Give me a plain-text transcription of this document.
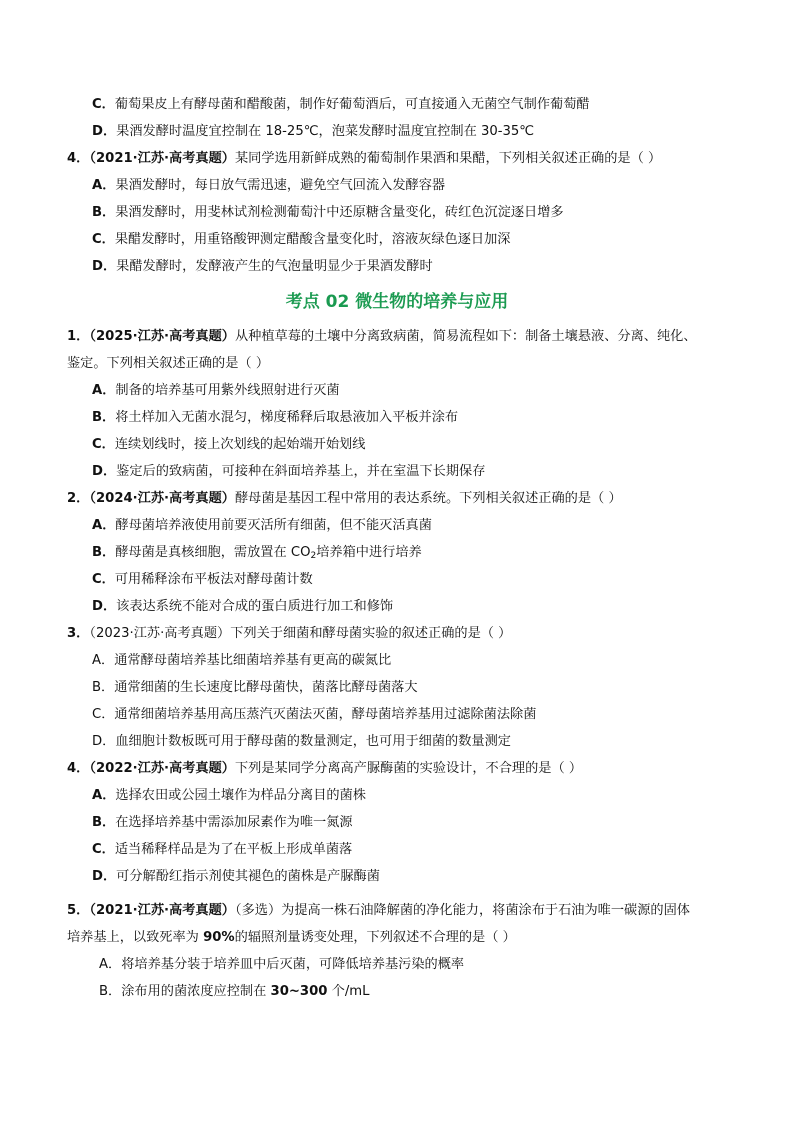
C．葡萄果皮上有酵母菌和醋酸菌，制作好葡萄酒后，可直接通入无菌空气制作葡萄醋
D．果酒发酵时温度宜控制在 18-25℃，泡菜发酵时温度宜控制在 30-35℃
4．（2021·江苏·高考真题）某同学选用新鲜成熟的葡萄制作果酒和果醋，下列相关叙述正确的是（ ）
A．果酒发酵时，每日放气需迅速，避免空气回流入发酵容器
B．果酒发酵时，用斐林试剂检测葡萄汁中还原糖含量变化，砖红色沉淀逐日增多
C．果醋发酵时，用重铬酸钾测定醋酸含量变化时，溶液灰绿色逐日加深
D．果醋发酵时，发酵液产生的气泡量明显少于果酒发酵时
考点 02 微生物的培养与应用
1．（2025·江苏·高考真题）从种植草莓的土壤中分离致病菌，简易流程如下：制备土壤悬液、分离、纯化、
鉴定。下列相关叙述正确的是（ ）
A．制备的培养基可用紫外线照射进行灭菌
B．将土样加入无菌水混匀，梯度稀释后取悬液加入平板并涂布
C．连续划线时，接上次划线的起始端开始划线
D．鉴定后的致病菌，可接种在斜面培养基上，并在室温下长期保存
2．（2024·江苏·高考真题）酵母菌是基因工程中常用的表达系统。下列相关叙述正确的是（ ）
A．酵母菌培养液使用前要灭活所有细菌，但不能灭活真菌
B．酵母菌是真核细胞，需放置在 $CO_2$培养箱中进行培养
C．可用稀释涂布平板法对酵母菌计数
D．该表达系统不能对合成的蛋白质进行加工和修饰
3．（2023·江苏·高考真题）下列关于细菌和酵母菌实验的叙述正确的是（ ）
A．通常酵母菌培养基比细菌培养基有更高的碳氮比
B．通常细菌的生长速度比酵母菌快，菌落比酵母菌落大
C．通常细菌培养基用高压蒸汽灭菌法灭菌，酵母菌培养基用过滤除菌法除菌
D．血细胞计数板既可用于酵母菌的数量测定，也可用于细菌的数量测定
4．（2022·江苏·高考真题）下列是某同学分离高产脲酶菌的实验设计，不合理的是（ ）
A．选择农田或公园土壤作为样品分离目的菌株
B．在选择培养基中需添加尿素作为唯一氮源
C．适当稀释样品是为了在平板上形成单菌落
D．可分解酚红指示剂使其褪色的菌株是产脲酶菌
5．（2021·江苏·高考真题）（多选）为提高一株石油降解菌的净化能力，将菌涂布于石油为唯一碳源的固体
培养基上，以致死率为 90%的辐照剂量诱变处理，下列叙述不合理的是（ ）
A．将培养基分装于培养皿中后灭菌，可降低培养基污染的概率
B．涂布用的菌浓度应控制在 30~300 个/mL
